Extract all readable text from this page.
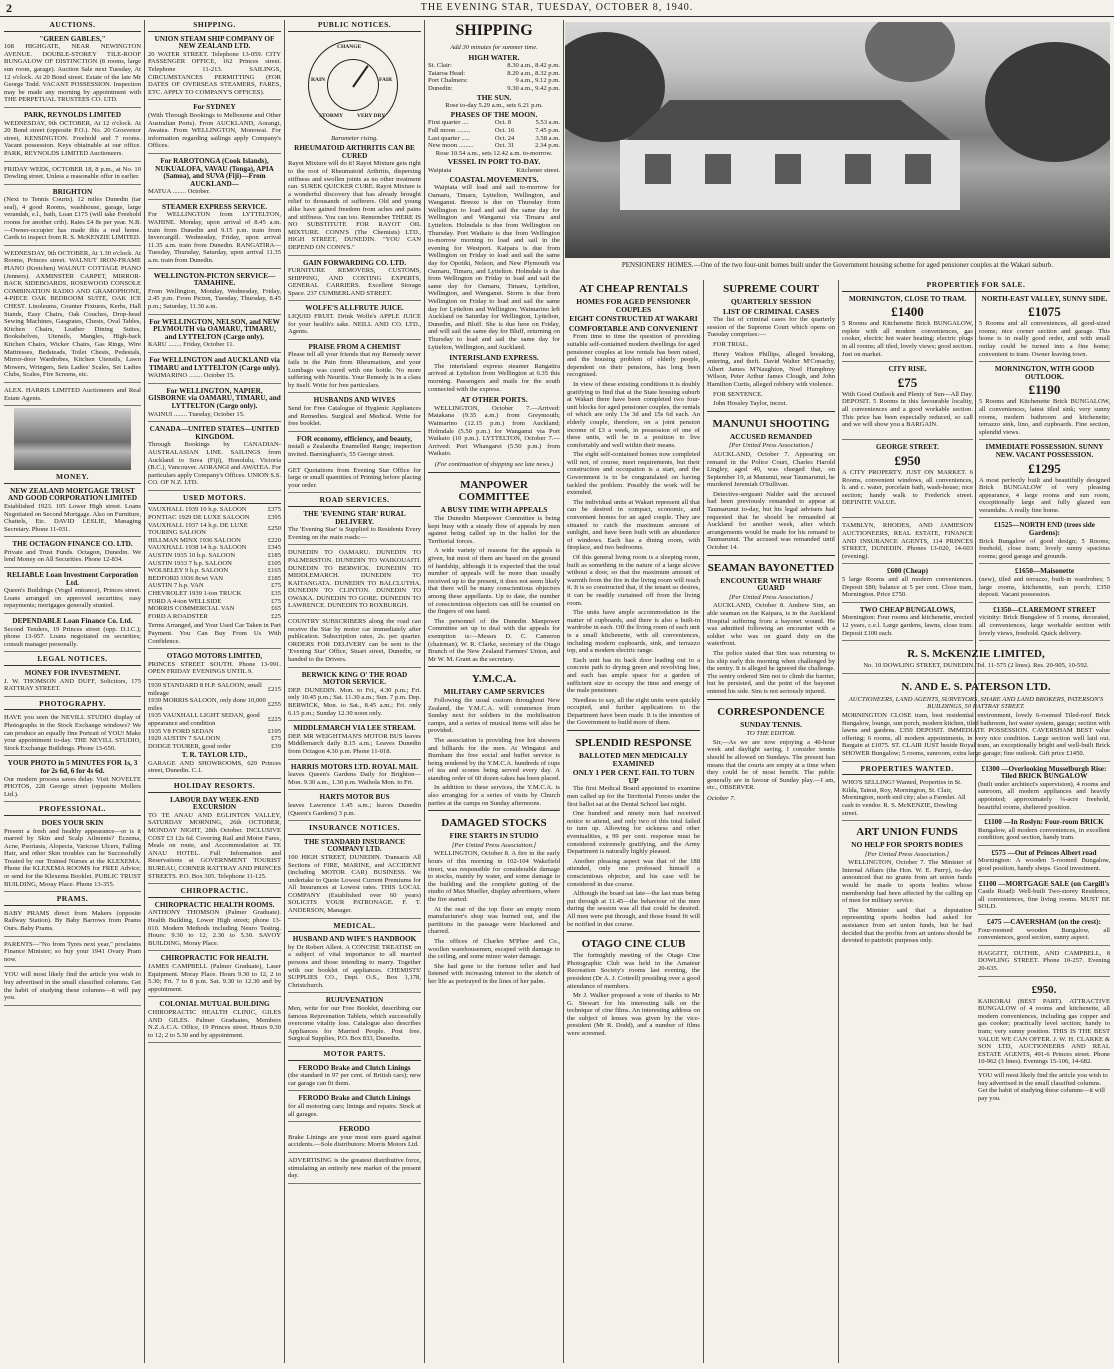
2	THE EVENING STAR, TUESDAY, OCTOBER 8, 1940.
AUCTIONS.
"GREEN GABLES,"
108 HIGHGATE, NEAR NEWINGTON AVENUE. DOUBLE-STOREY TILE-ROOF BUNGALOW OF DISTINCTION (8 rooms, large sun room, garage). Auction Sale next Tuesday, At 12 o'clock. At 20 Bond street. Estate of the late Mr George Todd. VACANT POSSESSION. Inspection may be made any morning by appointment with THE PERPETUAL TRUSTEES CO. LTD.
PARK, REYNOLDS LIMITED
WEDNESDAY, 9th OCTOBER, At 12 o'clock. At 20 Bond street (opposite P.O.). No. 20 Grosvenor street, KENSINGTON. Freehold and 7 rooms. Vacant possession. Keys obtainable at our office. PARK, REYNOLDS LIMITED Auctioneers.
FRIDAY WEEK, OCTOBER 18, 8 p.m., at No. 10 Dowling street. Unless a reasonable offer in earlier.
BRIGHTON
(Next to Tennis Courts). 12 miles Dunedin (tar seal), 4 good Rooms, washhouse, garage, large verandah, e.l., bath, Loan £175 (will take Freehold rooms for another crib). Rates £4 8s per year. N.B.—Owner-occupier has made this a real home. Cards to inspect from R. S. McKENZIE LIMITED.
WEDNESDAY, 9th OCTOBER, At 1.30 o'clock. At Rooms, Princes street. WALNUT IRON-FRAME PIANO (Kreichen) WALNUT COTTAGE PIANO (Jenners). AXMINSTER CARPET, MIRROR-BACK SIDEBOARDS, ROSEWOOD CONSOLE COMBINATION RADIO AND GRAMOPHONE, 4-PIECE OAK BEDROOM SUITE, OAK ICE CHEST. Linoleums, Counter Fixtures, Kerbs, Hall Stands, Easy Chairs, Oak Couches, Drop-head Sewing Machines, Gasgrates, Chests, Oval Tables, Kitchen Chairs, Leather Dining Suites, Bookshelves, Utensils, Mangles, High-back Kitchen Chairs, Wicker Chairs, Gas Rings, Wire Mattresses, Bedsteads, Toilet Chests, Pedestals, Mirror-door Wardrobes, Kitchen Utensils, Lawn Mowers, Wringers, Sets Ladies' Scales, Set Ladies Clubs, Scales, Fire Screens, etc.
ALEX. HARRIS LIMITED Auctioneers and Real Estate Agents.
MONEY.
NEW ZEALAND MORTGAGE TRUST AND GOOD CORPORATION LIMITED
Established 1923. 105 Lower High street. Loans Negotiated on Second Mortgage. Also on Furniture, Chattels, Etc. DAVID LESLIE, Managing Secretary. Phone 11-031.
THE OCTAGON FINANCE CO. LTD.
Private and Trust Funds. Octagon, Dunedin. We lend Money on All Securities. Phone 12-834.
RELIABLE Loan Investment Corporation Ltd.
Queen's Buildings (Vogel entrance), Princes street. Loans arranged on approved securities; easy repayments; mortgages generally stunted.
DEPENDABLE Loan Finance Co. Ltd.
Second Tenders, 19 Princes street (opp. D.I.C.); phone 13-957. Loans negotiated on securities; consult manager personally.
LEGAL NOTICES.
MONEY FOR INVESTMENT.
J. W. THOMSON AND DUFF, Solicitors, 175 RATTRAY STREET.
PHOTOGRAPHY.
HAVE you seen the NEVILL STUDIO display of Photographs in the Stock Exchange windows? We can produce an equally fine Portrait of YOU! Make your appointment to-day. THE NEVILL STUDIO, Stock Exchange Buildings. Phone 13-650.
YOUR PHOTO in 5 MINUTES FOR 1s, 3 for 2s 6d, 6 for 4s 6d.
Our modern process saves delay. Visit NOVELTE PHOTOS, 228 George street (opposite Mollers Ltd.).
PROFESSIONAL.
DOES YOUR SKIN
Present a fresh and healthy appearance—or is it marred by Skin and Scalp Ailments? Eczema, Acne, Psoriasis, Alopecia, Varicose Ulcers, Falling Hair, and other Skin troubles can be Successfully Treated by our Trained Nurses at the KLEXEMA. Phone the KLEXEMA ROOMS for FREE Advice; or send for the Klexema Booklet. PUBLIC TRUST BUILDING, Moray Place. Phone 13-355.
PRAMS.
BABY PRAMS direct from Makers (opposite Railway Station). By Baby Barrows from Prams Ours. Baby Prams.
PARENTS—"No from Tyres next year," proclaims Finance Minister; so buy your 1941 Ovary Pram now.
YOU will most likely find the article you wish to buy advertised in the small classified columns. Get the habit of studying these columns—it will pay you.
SHIPPING.
UNION STEAM SHIP COMPANY OF NEW ZEALAND LTD.
20 WATER STREET. Telephone 13-059. CITY PASSENGER OFFICE, 162 Princes street. Telephone 11-213. SAILINGS, CIRCUMSTANCES PERMITTING (FOR DATES OF OVERSEAS STEAMERS, FARES, ETC. APPLY TO COMPANY'S OFFICES).
For SYDNEY
(With Through Bookings to Melbourne and Other Australian Ports). From AUCKLAND, Aorangi, Awatea. From WELLINGTON, Monowai. For information regarding sailings apply Company's Offices.
For RAROTONGA (Cook Islands), NUKUALOFA, VAVAU (Tonga), APIA (Samoa), and SUVA (Fiji)—From AUCKLAND—
MATUA ........ October.
STEAMER EXPRESS SERVICE.
For WELLINGTON from LYTTELTON, WAHINE. Monday, upon arrival of 8.45 a.m. train from Dunedin and 9.15 p.m. train from Invercargill. Wednesday, Friday, upon arrival 11.35 a.m. train from Dunedin. RANGATIRA—Tuesday, Thursday, Saturday, upon arrival 11.35 a.m. train from Dunedin.
WELLINGTON-PICTON SERVICE—TAMAHINE.
From Wellington, Monday, Wednesday, Friday, 2.45 p.m. From Picton, Tuesday, Thursday, 8.45 p.m.; Saturday, 11.30 a.m.
For WELLINGTON, NELSON, and NEW PLYMOUTH via OAMARU, TIMARU, and LYTTELTON (Cargo only).
KARU ........ Friday, October 11.
For WELLINGTON and AUCKLAND via TIMARU and LYTTELTON (Cargo only).
WAIMARINO ........ October 15.
For WELLINGTON, NAPIER, GISBORNE via OAMARU, TIMARU, and LYTTELTON (Cargo only).
WAINUI ........ Tuesday, October 15.
CANADA—UNITED STATES—UNITED KINGDOM.
Through Bookings by CANADIAN-AUSTRALASIAN LINE. SAILINGS from Auckland to Suva (Fiji), Honolulu, Victoria (B.C.), Vancouver. AORANGI and AWATEA. For particulars apply Company's Offices. UNION S.S. CO. OF N.Z. LTD.
USED MOTORS.
VAUXHALL 1939 10 h.p. SALOON	£375
PONTIAC 1929 DE LUXE SALOON	£395
VAUXHALL 1937 14 h.p. DE LUXE TOURING SALOON	£250
HILLMAN MINX 1936 SALOON	£220
VAUXHALL 1938 14 h.p. SALOON	£345
AUSTIN 1935 10 h.p. SALOON	£185
AUSTIN 1933 7 h.p. SALOON	£105
WOLSELEY 9 h.p. SALOON	£165
BEDFORD 1936 8cwt VAN	£185
AUSTIN 7 h.p. VAN	£75
CHEVROLET 1939 1-ton TRUCK	£35
FORD A 4-ton WELLSIDE	£75
MORRIS COMMERCIAL VAN	£65
FORD A ROADSTER	£25
Terms Arranged, and Your Used Car Taken in Part Payment. You Can Buy From Us With Confidence.
OTAGO MOTORS LIMITED,
PRINCES STREET SOUTH. Phone 13-991. OPEN FRIDAY EVENINGS UNTIL 9.
1939 STANDARD 8 H.P. SALOON, small mileage	£215
1939 MORRIS SALOON, only done 10,000 miles	£255
1935 VAUXHALL LIGHT SEDAN, good appearance and condition	£225
1935 V8 FORD SEDAN	£195
1929 AUSTIN 7 SALOON	£75
DODGE TOURER, good order	£39
T. R. TAYLOR LTD.,
GARAGE AND SHOWROOMS, 629 Princes street, Dunedin. C.1.
HOLIDAY RESORTS.
LABOUR DAY WEEK-END EXCURSION
TO TE ANAU AND EGLINTON VALLEY, SATURDAY MORNING, 26th OCTOBER, MONDAY NIGHT, 28th October. INCLUSIVE COST £3 12s 6d. Covering Rail and Motor Fares, Meals on route, and Accommodation at TE ANAU HOTEL. Full Information and Reservations at GOVERNMENT TOURIST BUREAU, CORNER RATTRAY AND PRINCES STREETS. P.O. Box 305. Telephone 11-125.
CHIROPRACTIC.
CHIROPRACTIC HEALTH ROOMS.
ANTHONY THOMSON (Palmer Graduate). Health Building, Lower High street; phone 13-010. Modern Methods including Neuro Testing. Hours: 9.30 to 12, 2.30 to 5.30. SAVOY BUILDING, Moray Place.
CHIROPRACTIC FOR HEALTH.
JAMES CAMPBELL (Palmer Graduate), Laser Equipment. Moray Place. Hours 9.30 to 12, 2 to 5.30; Fri. 7 to 8 p.m. Sat. 9.30 to 12.30 and by appointment.
COLONIAL MUTUAL BUILDING
CHIROPRACTIC HEALTH CLINIC, GILES AND GILES. Palmer Graduates, Members N.Z.A.C.A. Office, 19 Princes street. Hours 9.30 to 12; 2 to 5.30 and by appointment.
PUBLIC NOTICES.
CHANGE
RAIN	FAIR
STORMY	VERY DRY
Barometer rising.
RHEUMATOID ARTHRITIS CAN BE CURED
Rayot Mixture will do it! Rayot Mixture gets right to the root of Rheumatoid Arthritis, dispersing stiffness and swollen joints as no other treatment can. SUREK QUICKER CURE. Rayot Mixture is a wonderful discovery that has already brought relief to thousands of sufferers. Old and young alike have gained freedom from aches and pains and stiffness. You can too. Remember THERE IS NO SUBSTITUTE FOR RAYOT OIL MIXTURE. CONN'S (The Chemists) LTD., HIGH STREET, DUNEDIN. "YOU CAN DEPEND ON CONN'S."
GAIN FORWARDING CO. LTD.
FURNITURE REMOVERS, CUSTOMS, SHIPPING, AND COSTING EXPERTS, GENERAL CARRIERS. Excellent Storage Space. 237 CUMBERLAND STREET.
WOLFE'S ALLFRUTE JUICE.
LIQUID FRUIT. Drink Wolfe's APPLE JUICE for your health's sake. NEILL AND CO. LTD., Agents.
PRAISE FROM A CHEMIST
Please tell all your friends that my Remedy never fails in the Pain from Rheumatism, and your Lumbago was cured with one bottle. No more suffering with Neuritis. Your Remedy is in a class by itself. Write for free particulars.
HUSBANDS AND WIVES
Send for Free Catalogue of Hygienic Appliances and Remedies. Surgical and Medical. Write for free booklet.
FOR economy, efficiency, and beauty,
install a Zealandia Enamelled Range; inspection invited. Barningham's, 55 George street.
GET Quotations from Evening Star Office for large or small quantities of Printing before placing your order.
ROAD SERVICES.
THE 'EVENING STAR' RURAL DELIVERY.
The 'Evening Star' is Supplied to Residents Every Evening on the main roads:—
DUNEDIN TO OAMARU. DUNEDIN TO PALMERSTON. DUNEDIN TO WAIKOUAITI. DUNEDIN TO BERWICK. DUNEDIN TO MIDDLEMARCH. DUNEDIN TO KAITANGATA. DUNEDIN TO BALCLUTHA. DUNEDIN TO CLINTON. DUNEDIN TO OWAKA. DUNEDIN TO GORE. DUNEDIN TO LAWRENCE. DUNEDIN TO ROXBURGH.
COUNTRY SUBSCRIBERS along the road can receive the Star by motor car immediately after publication. Subscription rates, 2s. per quarter. ORDERS FOR DELIVERY can be sent to the 'Evening Star' Office, Stuart street, Dunedin, or handed to the Drivers.
BERWICK KING O' THE ROAD MOTOR SERVICE.
DEP. DUNEDIN. Mon. to Fri., 4.30 p.m.; Fri. only 10.45 p.m.; Sat. 11.30 a.m.; Sun. 7 p.m. Dep. BERWICK, Mon. to Sat., 8.45 a.m.; Fri. only 6.15 p.m.; Sunday 12.30 noon only.
MIDDLEMARCH VIA LEE STREAM.
DEP. MR WEIGHTMAN'S MOTOR BUS leaves Middlemarch daily 8.15 a.m.; Leaves Dunedin from Octagon 4.30 p.m. Phone 11-018.
HARRIS MOTORS LTD. ROYAL MAIL
leaves Queen's Gardens Daily for Brighton—Mon. 9.30 a.m., 1.30 p.m. Waihola Mon. to Fri.
HARTS MOTOR BUS
leaves Lawrence 1.45 a.m.; leaves Dunedin (Queen's Gardens) 3 p.m.
INSURANCE NOTICES.
THE STANDARD INSURANCE COMPANY LTD.
100 HIGH STREET, DUNEDIN. Transacts All Sections of FIRE, MARINE, and ACCIDENT (including MOTOR CAR) BUSINESS. We undertake to Quote Lowest Current Premiums for All Insurances at Lowest rates. THIS LOCAL COMPANY (Established over 60 years) SOLICITS YOUR PATRONAGE. F. T. ANDERSON, Manager.
MEDICAL.
HUSBAND AND WIFE'S HANDBOOK
by Dr Robert Alleot. A CONCISE TREATISE on a subject of vital importance to all married persons and those intending to marry. Together with our booklet of appliances. CHEMISTS' SUPPLIES CO., Dept. O.S., Box 1,178, Christchurch.
RUJUVENATION
Men, write for our Free Booklet, describing our famous Rejuvenation Tablets, which successfully overcome vitality loss. Catalogue also describes Appliances for Married People. Post free. Surgical Supplies, P.O. Box 833, Dunedin.
MOTOR PARTS.
FERODO Brake and Clutch Linings
(the standard in 97 per cent. of British cars); new car garage can fit them.
FERODO Brake and Clutch Linings
for all motoring cars; linings and repairs. Stock at all garages.
FERODO
Brake Linings are your most sure guard against accidents.—Sole distributors: Morris Motors Ltd.
ADVERTISING is the greatest distributive force, stimulating an entirely new market of the present day.
SHIPPING
Add 30 minutes for summer time.
HIGH WATER.
St. Clair:	8.30 a.m., 8.42 p.m.
Taiaroa Head:	8.20 a.m., 8.32 p.m.
Port Chalmers:	9 a.m., 9.12 p.m.
Dunedin:	9.30 a.m., 9.42 p.m.
THE SUN.
Rose to-day 5.29 a.m., sets 6.21 p.m.
PHASES OF THE MOON.
First quarter ....	Oct. 8	5.53 a.m.
Full moon ........	Oct. 16	7.45 p.m.
Last quarter .....	Oct. 24	3.58 a.m.
New moon .........	Oct. 31	2.34 p.m.
Rose 10.54 a.m., sets 12.42 a.m. to-morrow.
VESSEL IN PORT TO-DAY.
Waipiata	Kitchener street.
COASTAL MOVEMENTS.

Waipiata will load and sail to-morrow for Oamaru, Timaru, Lyttelton, Wellington, and Wanganui. Breeze is due on Thursday from Wellington to load and sail the same day for Wellington and Wanganui via Timaru and Lyttelton. Holmdale is due from Wellington on Thursday. Port Waikato is due from Wellington to-morrow morning to load and sail in the evening for Westport. Kaipara is due from Wellington on Friday to load and sail the same day for Opotiki, Nelson, and New Plymouth via Oamaru, Timaru, and Lyttelton. Holmdale is due from Wellington on Friday to load and sail the same day for Oamaru, Timaru, Lyttelton, Wellington, and Wanganui. Storm is due from Wellington on Friday to load and sail the same day for Lyttelton and Wellington. Waimarino left Auckland on Saturday for Wellington, Lyttelton, Dunedin, and Bluff. She is due here on Friday, and will sail the same day for Bluff, returning on Thursday to load and sail the same day for Lyttelton, Wellington, and Auckland.

INTERISLAND EXPRESS.

The interisland express steamer Rangatira arrived at Lyttelton from Wellington at 6.35 this morning. Passengers and mails for the south connected with the express.

AT OTHER PORTS.

WELLINGTON, October 7.—Arrived: Matakana (9.35 a.m.) from Greymouth; Waimarino (12.15 p.m.) from Auckland; Holmdale (5.50 p.m.) for Wanganui via Port Waikato (10 p.m.). LYTTELTON, October 7.—Arrived: Port Whangarei (5.50 p.m.) from Waikato.

(For continuation of shipping see late news.)
MANPOWER COMMITTEE
A BUSY TIME WITH APPEALS

The Dunedin Manpower Committee is being kept busy with a steady flow of appeals by men against being called up in the ballot for the Territorial forces.

A wide variety of reasons for the appeals is given, but most of them are based on the ground of hardship, although it is expected that the total number of appeals will be more than usually received up to the present, it does not seem likely that there will be many conscientious objectors among these appellants. Up to date, the number of conscientious objectors can still be counted on the fingers of one hand.

The personnel of the Dunedin Manpower Committee set up to deal with the appeals for exemption is:—Messrs D. C. Cameron (chairman), W. R. Clarke, secretary of the Otago Branch of the New Zealand Farmers' Union, and Mr W. M. Grant as the secretary.

Y.M.C.A.
MILITARY CAMP SERVICES

Following the usual custom throughout New Zealand, the Y.M.C.A. will commence from Sunday next for soldiers in the mobilisation camps, and a series of musical items will also be provided.

The association is providing free hot showers and billiards for the men. At Wingatui and Burnham the free social and buffet service is being rendered by the Y.M.C.A. hundreds of cups of tea and scones being served every day. A standing order of 60 dozen cakes has been placed.

In addition to these services, the Y.M.C.A. is also arranging for a series of visits by Church parties at the camps on Sunday afternoons.

DAMAGED STOCKS
FIRE STARTS IN STUDIO
[Per United Press Association.]

WELLINGTON, October 8. A fire in the early hours of this morning in 102-104 Wakefield street, was responsible for considerable damage to stocks, mainly by water, and some damage to the building and the complete gutting of the studio of Max Mueller, display advertisers, where the fire started.

At the rear of the top floor an empty room manufacturer's shop was burned out, and the partitions in the passage were blackened and charred.

The offices of Charles M'Phee and Co., woollen warehousemen, escaped with damage to the ceiling, and some minor water damage.

She had gone to the fortune teller and had listened with increasing interest to the sketch of her life as portrayed in the lines of her palm.

PENSIONERS' HOMES.—One of the two four-unit homes built under the Government housing scheme for aged pensioner couples at the Wakari suburb.
AT CHEAP RENTALS
HOMES FOR AGED PENSIONER COUPLES
EIGHT CONSTRUCTED AT WAKARI
COMFORTABLE AND CONVENIENT

From time to time the question of providing suitable self-contained modern dwellings for aged pensioner couples at low rentals has been raised, and the housing problem of elderly people, dependent on their pensions, has long been recognised.

In view of these existing conditions it is doubly gratifying to find that at the State housing suburb at Wakari there have been completed two four-unit blocks for aged pensioner couples, the rentals of which are only 13s 3d and 15s 6d each. An elderly couple, therefore, on a joint pension income of £3 a week, in possession of one of these units, will be in a position to live comfortably and well within their means.

The eight self-contained homes now completed will not, of course, meet requirements, but their construction and occupation is a start, and the Government is to be congratulated on having tackled the problem. Possibly the work will be extended.

The individual units at Wakari represent all that can be desired in compact, economic, and convenient homes for an aged couple. They are situated to catch the maximum amount of sunlight, and have been built with an abundance of windows. Each has a dining room, with fireplace, and two bedrooms.

Of this general living room is a sleeping room, built as something in the nature of a large alcove without a door, so that the maximum amount of warmth from the fire in the living room will reach it. It is so constructed that, if the tenant so desires, it can be readily curtained off from the living room.

The units have ample accommodation in the matter of cupboards, and there is also a built-in wardrobe in each. Off the living room of each unit is a small kitchenette, with all conveniences, including modern cupboards, sink, and terrazzo top, and a modern electric range.

Each unit has its back door leading out to a concrete path to drying green and revolving line, and each has ample space for a garden of sufficient size to occupy the time and energy of the male pensioner.

Needless to say, all the eight units were quickly occupied, and further applications to the Department have been made. It is the intention of the Government to build more of them.

SPLENDID RESPONSE
BALLOTED MEN MEDICALLY EXAMINED
ONLY 1 PER CENT. FAIL TO TURN UP

The first Medical Board appointed to examine men called up for the Territorial Forces under the first ballot sat at the Dental School last night.

One hundred and ninety men had received notice to attend, and only two of this total failed to turn up. Allowing for sickness and other eventualities, a 99 per cent. response must be considered extremely gratifying, and the Army Department is naturally highly pleased.

Another pleasing aspect was that of the 188 attended, only one professed himself a conscientious objector, and his case will be considered in due course.

Although the board sat late—the last man being put through at 11.45—the behaviour of the men during the session was all that could be desired. All men were put through, and those found fit will be notified in due course.

OTAGO CINE CLUB

The fortnightly meeting of the Otago Cine Photographic Club was held in the Amateur Recreation Society's rooms last evening, the president (Dr A. J. Cottrell) presiding over a good attendance of members.

Mr J. Walker proposed a vote of thanks to Mr G. Stewart for his interesting talk on the technique of cine films. An interesting address on the subject of lenses was given by the vice-president (Mr R. Dodd), and a number of films were screened.

SUPREME COURT
QUARTERLY SESSION
LIST OF CRIMINAL CASES

The list of criminal cases for the quarterly session of the Supreme Court which opens on Tuesday comprises:—

FOR TRIAL.

Henry Walton Phillips, alleged breaking, entering, and theft. David Walter M'Conachy, Albert James M'Naughton, Noel Humphrey Wilson, Peter Arthur James Clough, and John Hamilton Curtis, alleged robbery with violence.

FOR SENTENCE.

John Hossley Taylor, incest.

MANUNUI SHOOTING
ACCUSED REMANDED
[Per United Press Association.]

AUCKLAND, October 7. Appearing on remand in the Police Court, Charles Harold Lingley, aged 40, was charged that, on September 19, at Manunui, near Taumarunui, he murdered Jeremiah O'Sullivan.

Detective-sergeant Nalder said the accused had been previously remanded to appear at Taumarunui to-day, but his legal advisers had requested that he should be remanded at Auckland for another week, after which arrangements would be made for his remand to Taumarunui. The accused was remanded until October 14.

SEAMAN BAYONETTED
ENCOUNTER WITH WHARF GUARD
[Per United Press Association.]

AUCKLAND, October 8. Andrew Sim, an able seaman on the Kaipara, is in the Auckland Hospital suffering from a bayonet wound. He was admitted following an encounter with a soldier who was on guard duty on the waterfront.

The police stated that Sim was returning to his ship early this morning when challenged by the sentry. It is alleged he ignored the challenge. The sentry ordered Sim not to climb the barrier, but he persisted, and the point of the bayonet entered his side. Sim is not seriously injured.

CORRESPONDENCE
SUNDAY TENNIS.
TO THE EDITOR.

Sir,—As we are now enjoying a 40-hour week and daylight saving, I consider tennis should be allowed on Sundays. The present ban means that the courts are empty at a time when they could be of most benefit. The public generally are in favour of Sunday play.—I am, etc., OBSERVER.

October 7.
PROPERTIES FOR SALE.
MORNINGTON, CLOSE TO TRAM.
£1400
5 Rooms and Kitchenette Brick BUNGALOW, replete with all modern conveniences, gas cooker, electric hot water heating; electric plugs in all rooms; all tiled, lovely views; good section. Just on market.
NORTH-EAST VALLEY, SUNNY SIDE.
£1075
5 Rooms and all conveniences, all good-sized rooms; nice corner section and garage. This home is in really good order, and with small outlay could be turned into a fine home; convenient to tram. Owner leaving town.
CITY RISE.
£75
With Good Outlook and Plenty of Sun—All Day. DEPOSIT. 5 Rooms in this favourable locality, all conveniences and a good workable section. This price has been especially reduced, so call and we will show you a BARGAIN.
MORNINGTON, WITH GOOD OUTLOOK.
£1190
5 Rooms and Kitchenette Brick BUNGALOW, all conveniences, latest tiled sink; very sunny rooms, modern bathroom and kitchenette; terrazzo sink, lino, and cupboards. Fine section, splendid views.
GEORGE STREET.
£950
A CITY PROPERTY. JUST ON MARKET. 6 Rooms, convenient windows, all conveniences, h. and c. water, porcelain bath, wash-house; nice section; handy walk to Frederick street. DEFINITE VALUE.
IMMEDIATE POSSESSION. SUNNY NEW. VACANT POSSESSION.
£1295
A most perfectly built and beautifully designed Brick BUNGALOW of very pleasing appearance, 4 large rooms and sun room, exceptionally large and fully glazed sun verandahs. A really fine home.
TAMBLYN, RHODES, AND JAMIESON AUCTIONEERS, REAL ESTATE, FINANCE AND INSURANCE AGENTS, 114 PRINCES STREET, DUNEDIN. Phones 13-020, 14-603 (evening).
£1525—NORTH END (trees side Gardens):
Brick Bungalow of good design; 5 Rooms; freehold, close tram; lovely sunny spacious rooms; good garage and grounds.
£600 (Cheap)
5 large Rooms and all modern conveniences. Deposit £80; balance at 5 per cent. Close tram, Mornington. Price £750.
£1650—Maisonette
(new), tiled and terrazzo, built-in wardrobes; 5 large rooms, kitchenette, sun porch; £350 deposit. Vacant possession.
TWO CHEAP BUNGALOWS,
Mornington: Four rooms and kitchenette, erected 12 years, c.e.l. Large gardens, lawns, close tram. Deposit £100 each.
£1350—CLAREMONT STREET
vicinity: Brick Bungalow of 5 rooms, decorated, all conveniences, large workable section with lovely views, freehold. Quick delivery.
R. S. McKENZIE LIMITED,
No. 10 DOWLING STREET, DUNEDIN. Tel. 11-575 (2 lines). Res. 20-905, 10-592.
N. AND E. S. PATERSON LTD.
AUCTIONEERS, LAND AGENTS, SURVEYORS, SHARE AND LAND BROKERS, PATERSON'S BUILDINGS, 50 RATTRAY STREET.
MORNINGTON CLOSE tram, best residential environment, lovely 6-roomed Tiled-roof Brick Bungalow, lounge, sun porch, modern kitchen, tiled bathroom, hot water system, garage; section with lawns and gardens. £350 DEPOSIT. IMMEDIATE POSSESSION. CAVERSHAM BEST value offering; 6 rooms, all modern appointments, in very nice condition. Large section well laid out. Bargain at £1075. ST. CLAIR JUST beside Royal tram, an exceptionally bright and well-built Brick SHOWER Bungalow; 5 rooms, sunroom, extra large garage; fine outlook. Gift price £1450.
PROPERTIES WANTED.
WHO'S SELLING? Wanted, Properties in St. Kilda, Tainui, Roy, Mornington, St. Clair, Mornington, north end city; also a Farmlet. All cash to vendor. R. S. McKENZIE, Dowling street.
ART UNION FUNDS
NO HELP FOR SPORTS BODIES
[Per United Press Association.]

WELLINGTON, October 7. The Minister of Internal Affairs (the Hon. W. E. Parry), to-day announced that no grants from art union funds would be made to sports bodies whose membership had been affected by the calling up of men for military service.

The Minister said that a deputation representing sports bodies had asked for assistance from art union funds, but he had decided that the profits from art unions should be devoted to patriotic purposes only.

£1300 —Overlooking Musselburgh Rise: Tiled BRICK BUNGALOW
(built under architect's supervision), 4 rooms and sunroom, all modern appliances and heavily appointed; approximately ¼-acre freehold, beautiful rooms, sheltered position.
£1100 —In Roslyn: Four-room BRICK
Bungalow, all modern conveniences, in excellent condition; good section, handy tram.
£575 —Out of Princes Albert road
Mornington: A wooden 5-roomed Bungalow, good position, handy shops. Good investment.
£1100 —MORTGAGE SALE (on Cargill's
Castle Road): Well-built Two-storey Residence, all conveniences, fine living rooms. MUST BE SOLD.
£475 —CAVERSHAM (on the crest):
Four-roomed wooden Bungalow, all conveniences, good section, sunny aspect.
HAGGITT, DUTHIE, AND CAMPBELL, 8 DOWLING STREET. Phone 10-257. Evening 20-635.
£950.
KAIKORAI (BEST PART). ATTRACTIVE BUNGALOW of 4 rooms and kitchenette, all modern conveniences, including gas copper and gas cooker; practically level section; handy to tram; very sunny position. THIS IS THE BEST VALUE WE CAN OFFER. J. W. H. CLARKE & SON LTD, AUCTIONEERS AND REAL ESTATE AGENTS, 491-6 Princes street. Phone 10-962 (3 lines). Evenings 15-106, 14-682.
YOU will most likely find the article you wish to buy advertised in the small classified columns. Get the habit of studying these columns—it will pay you.
